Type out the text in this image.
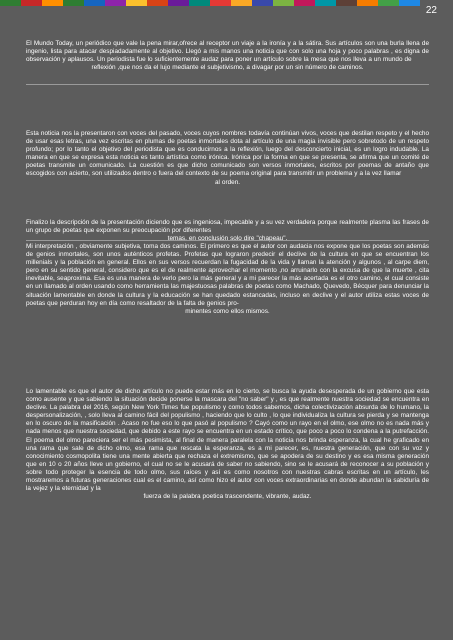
22

El Mundo Today, un periódico que vale la pena mirar,ofrece al receptor un viaje a la ironía y a la sátira. Sus artículos son una burla llena de ingenio, lista para atacar despiadadamente al objetivo. Llegó a mis manos una noticia que con solo una hoja y poco palabras , es digna de observación y aplausos. Un periodista fue lo suficientemente audaz para poner un artículo sobre la mesa que nos lleva a un mundo de
reflexión ,que nos da el lujo mediante el subjetivismo, a divagar por un sin número de caminos.

Esta noticia nos la presentaron con voces del pasado, voces cuyos nombres todavía continúan vivos, voces que destilan respeto y el hecho de usar esas letras, una vez escritas en plumas de poetas inmortales dota al artículo de una magia invisible pero sobretodo de un respeto profundo; por lo tanto el objetivo del periodista que es conducirnos a la reflexión, luego del desconcierto inicial, es un logro indudable. La manera en que se expresa esta noticia es tanto artística como irónica. Irónica por la forma en que se presenta, se afirma que un comité de poetas transmite un comunicado. La cuestión es que dicho comunicado son versos inmortales, escritos por poemas de antaño que escogidos con acierto, son utilizados dentro o fuera del contexto de su poema original para transmitir un problema y a la vez llamar
al orden.

Finalizo la descripción de la presentación diciendo que es ingeniosa, impecable y a su vez verdadera porque realmente plasma las frases de un grupo de poetas que exponen su preocupación por diferentes
temas, en conclusión solo dire "chapeau".

Mi interpretación , obviamente subjetiva, toma dos caminos. El primero es que el autor con audacia nos expone que los poetas son además de genios inmortales, son unos auténticos profetas. Profetas que lograron predecir el declive de la cultura en que se encuentran los millenials y la población en general. Ellos en sus versos recuerdan la fugacidad de la vida y llaman la atención y algunos , al carpe diem, pero en su sentido general, considero que es el de realmente aprovechar el momento ,no arruinarlo con la excusa de que la muerte , cita inevitable, seaproxima. Esa es una manera de verlo pero la más general y a mi parecer la más acertada es el otro camino, el cual consiste en un llamado al orden usando como herramienta las majestuosas palabras de poetas como Machado, Quevedo, Bécquer para denunciar la situación lamentable en donde la cultura y la educación se han quedado estancadas, incluso en declive y el autor utiliza estas voces de poetas que perduran hoy en día como resaltador de la falta de genios pro-
minentes como ellos mismos.

Lo lamentable es que el autor de dicho artículo no puede estar más en lo cierto, se busca la ayuda desesperada de un gobierno que esta como ausente y que sabiendo la situación decide ponerse la mascara del "no saber" y , es que realmente nuestra sociedad se encuentra en declive. La palabra del 2016, según New York Times fue populismo y como todos sabemos, dicha colectivización absurda de lo humano, la despersonalización, , solo lleva al camino fácil del populismo , haciendo que lo culto , lo que individualiza la cultura se pierda y se mantenga en lo oscuro de la masificación . Acaso no fue eso lo que pasó al populismo ? Cayó como un rayo en el olmo, ese olmo no es nada más y nada menos que nuestra sociedad, que debido a este rayo se encuentra en un estado crítico, que poco a poco lo condena a la putrefacción. El poema del olmo pareciera ser el más pesimista, al final de manera paralela con la noticia nos brinda esperanza, la cual he graficado en una rama que sale de dicho olmo, esa rama que rescata la esperanza, es a mi parecer, es, nuestra generación, que con su voz y conocimiento cosmopolita tiene una mente abierta que rechaza el extremismo, que se apodera de su destino y es esa misma generación que en 10 o 20 años lleve un gobierno, el cual no se le acusará de saber no sabiendo, sino se le acusará de reconocer a su población y sobre todo proteger la esencia de todo olmo, sus raíces y así es como nosotros con nuestras cabras escritas en un artículo, les mostraremos a futuras generaciones cual es el camino, así como hizo el autor con voces extraordinarias en donde abundan la sabiduría de la vejez y la eternidad y la
fuerza de la palabra poetica trascendente, vibrante, audaz.
